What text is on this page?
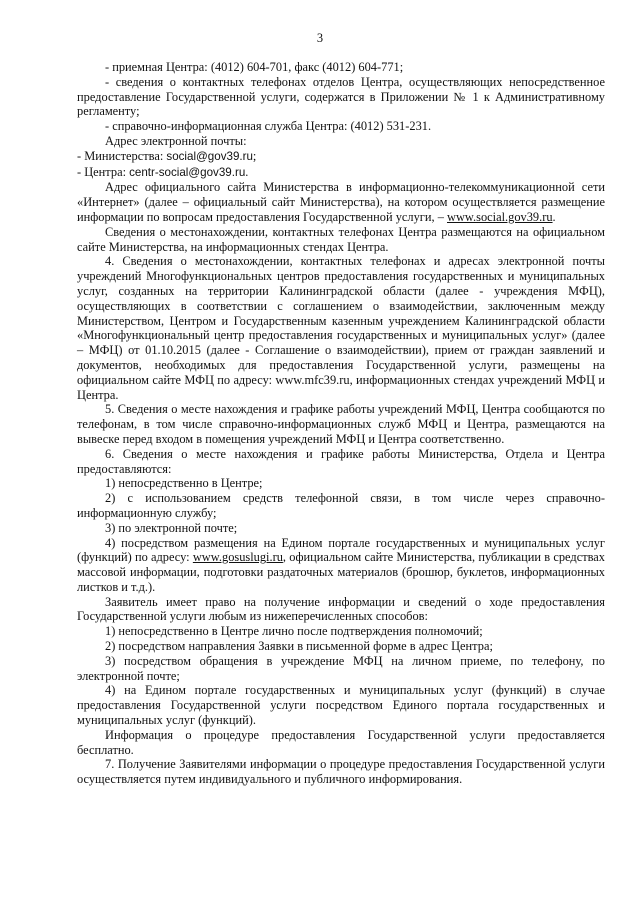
3

- приемная Центра: (4012) 604-701, факс (4012) 604-771;

- сведения о контактных телефонах отделов Центра, осуществляющих непосредственное предоставление Государственной услуги, содержатся в Приложении № 1 к Административному регламенту;

- справочно-информационная служба Центра: (4012) 531-231.

Адрес электронной почты:

- Министерства: social@gov39.ru;

- Центра: centr-social@gov39.ru.

Адрес официального сайта Министерства в информационно-телекоммуникационной сети «Интернет» (далее – официальный сайт Министерства), на котором осуществляется размещение информации по вопросам предоставления Государственной услуги, – www.social.gov39.ru.

Сведения о местонахождении, контактных телефонах Центра размещаются на официальном сайте Министерства, на информационных стендах Центра.

4. Сведения о местонахождении, контактных телефонах и адресах электронной почты учреждений Многофункциональных центров предоставления государственных и муниципальных услуг, созданных на территории Калининградской области (далее - учреждения МФЦ), осуществляющих в соответствии с соглашением о взаимодействии, заключенным между Министерством, Центром и Государственным казенным учреждением Калининградской области «Многофункциональный центр предоставления государственных и муниципальных услуг» (далее – МФЦ) от 01.10.2015 (далее - Соглашение о взаимодействии), прием от граждан заявлений и документов, необходимых для предоставления Государственной услуги, размещены на официальном сайте МФЦ по адресу: www.mfc39.ru, информационных стендах учреждений МФЦ и Центра.

5. Сведения о месте нахождения и графике работы учреждений МФЦ, Центра сообщаются по телефонам, в том числе справочно-информационных служб МФЦ и Центра, размещаются на вывеске перед входом в помещения учреждений МФЦ и Центра соответственно.

6. Сведения о месте нахождения и графике работы Министерства, Отдела и Центра предоставляются:

1) непосредственно в Центре;

2) с использованием средств телефонной связи, в том числе через справочно-информационную службу;

3) по электронной почте;

4) посредством размещения на Едином портале государственных и муниципальных услуг (функций) по адресу: www.gosuslugi.ru, официальном сайте Министерства, публикации в средствах массовой информации, подготовки раздаточных материалов (брошюр, буклетов, информационных листков и т.д.).

Заявитель имеет право на получение информации и сведений о ходе предоставления Государственной услуги любым из нижеперечисленных способов:

1) непосредственно в Центре лично после подтверждения полномочий;

2) посредством направления Заявки в письменной форме в адрес Центра;

3) посредством обращения в учреждение МФЦ на личном приеме, по телефону, по электронной почте;

4) на Едином портале государственных и муниципальных услуг (функций) в случае предоставления Государственной услуги посредством Единого портала государственных и муниципальных услуг (функций).

Информация о процедуре предоставления Государственной услуги предоставляется бесплатно.

7. Получение Заявителями информации о процедуре предоставления Государственной услуги осуществляется путем индивидуального и публичного информирования.
